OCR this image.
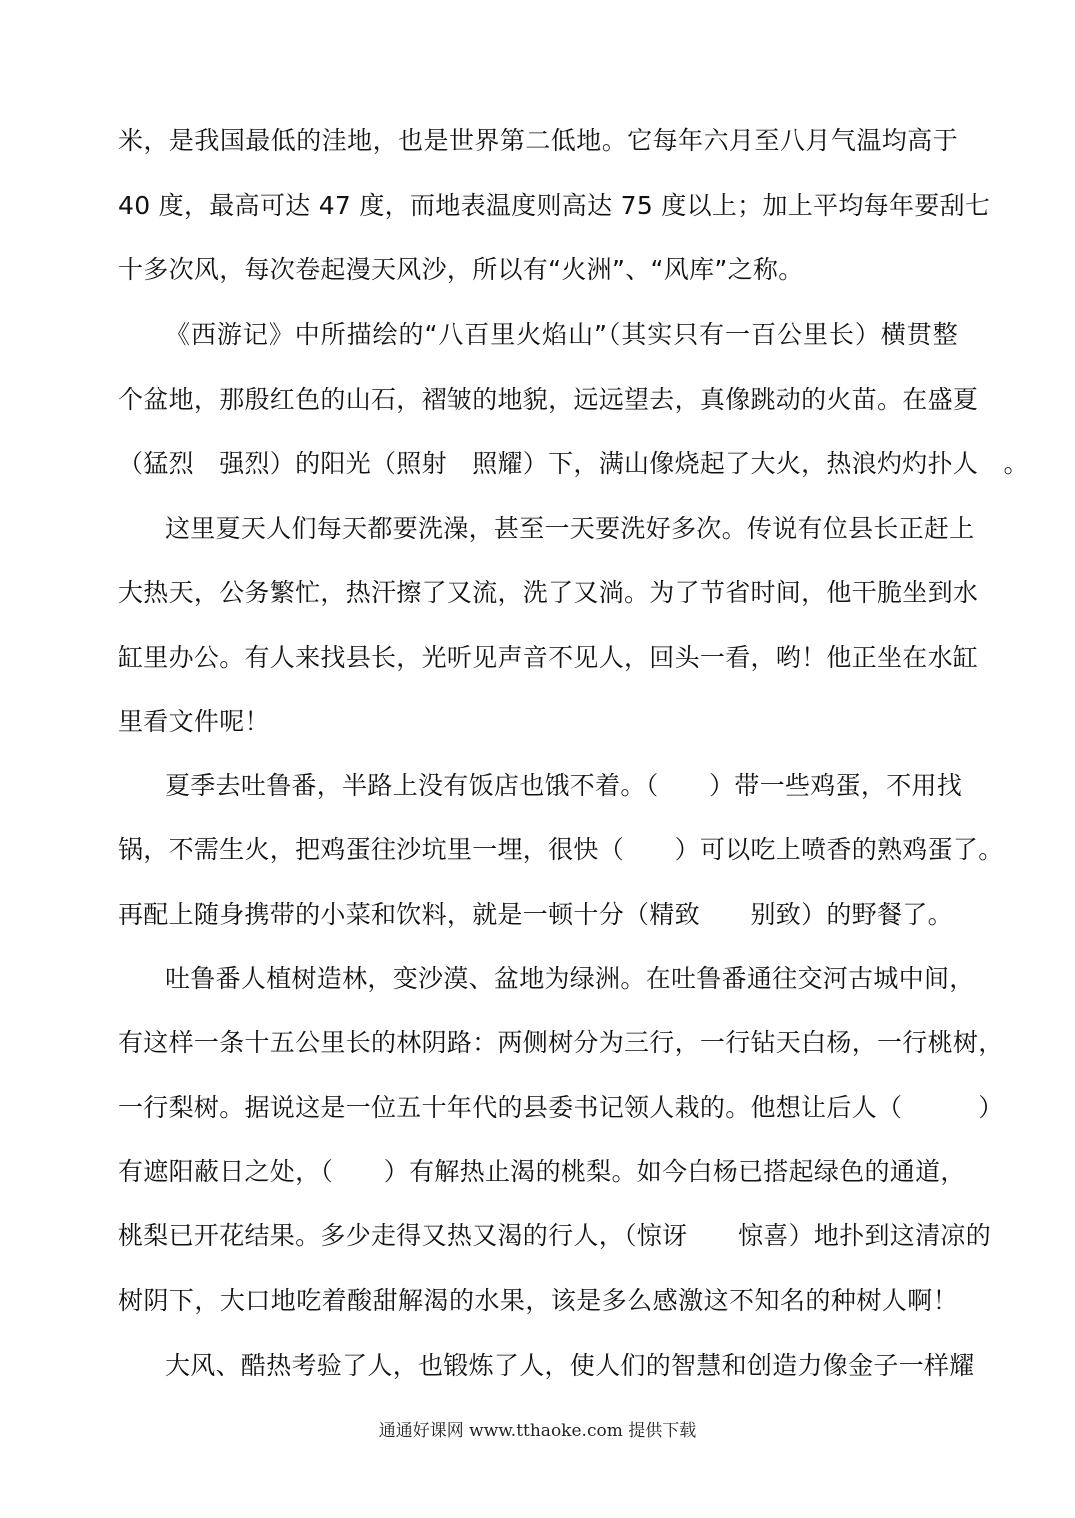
米，是我国最低的洼地，也是世界第二低地。它每年六月至八月气温均高于
40 度，最高可达 47 度，而地表温度则高达 75 度以上；加上平均每年要刮七
十多次风，每次卷起漫天风沙，所以有“火洲”、“风库”之称。
《西游记》中所描绘的“八百里火焰山”（其实只有一百公里长）横贯整
个盆地，那殷红色的山石，褶皱的地貌，远远望去，真像跳动的火苗。在盛夏
（猛烈　强烈）的阳光（照射　照耀）下，满山像烧起了大火，热浪灼灼扑人　。
这里夏天人们每天都要洗澡，甚至一天要洗好多次。传说有位县长正赶上
大热天，公务繁忙，热汗擦了又流，洗了又淌。为了节省时间，他干脆坐到水
缸里办公。有人来找县长，光听见声音不见人，回头一看，哟！他正坐在水缸
里看文件呢！
夏季去吐鲁番，半路上没有饭店也饿不着。（　　）带一些鸡蛋，不用找
锅，不需生火，把鸡蛋往沙坑里一埋，很快（　　）可以吃上喷香的熟鸡蛋了。
再配上随身携带的小菜和饮料，就是一顿十分（精致　　别致）的野餐了。
吐鲁番人植树造林，变沙漠、盆地为绿洲。在吐鲁番通往交河古城中间，
有这样一条十五公里长的林阴路：两侧树分为三行，一行钻天白杨，一行桃树，
一行梨树。据说这是一位五十年代的县委书记领人栽的。他想让后人（　　　）
有遮阳蔽日之处，（　　）有解热止渴的桃梨。如今白杨已搭起绿色的通道，
桃梨已开花结果。多少走得又热又渴的行人，（惊讶　　惊喜）地扑到这清凉的
树阴下，大口地吃着酸甜解渴的水果，该是多么感激这不知名的种树人啊！
大风、酷热考验了人，也锻炼了人，使人们的智慧和创造力像金子一样耀
通通好课网 www.tthaoke.com 提供下载
